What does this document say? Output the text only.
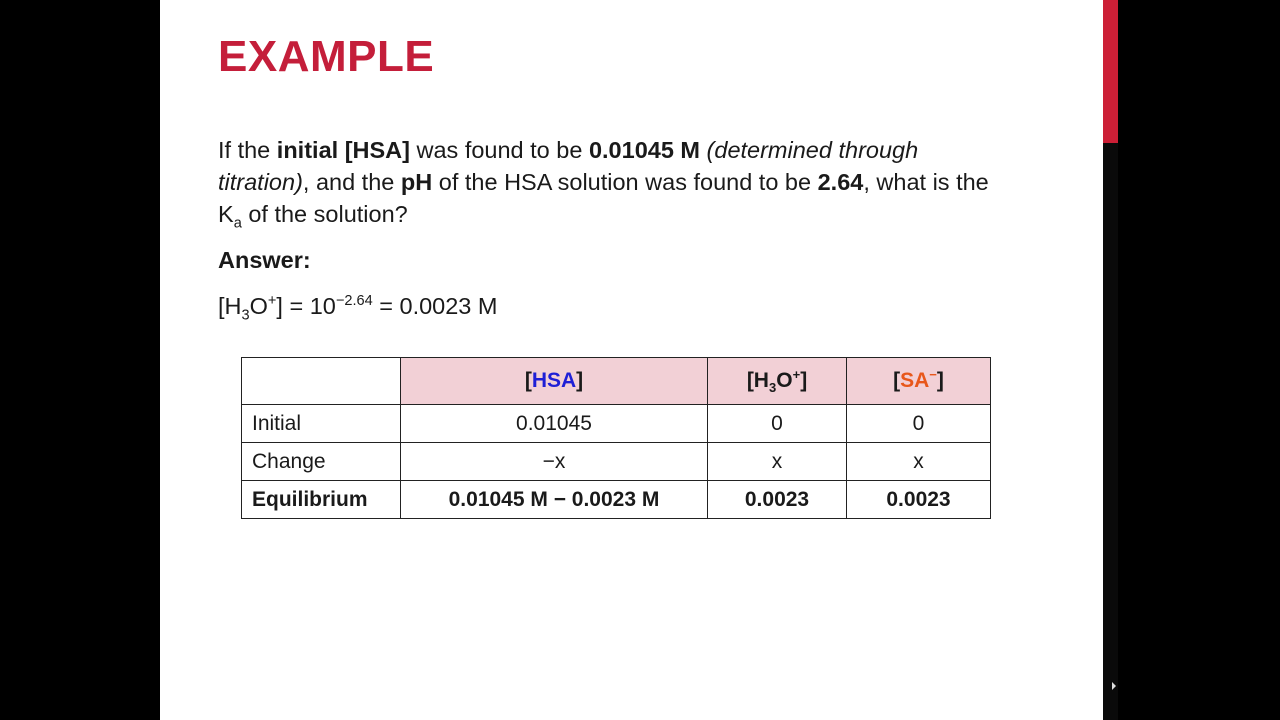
EXAMPLE
If the initial [HSA] was found to be 0.01045 M (determined through titration), and the pH of the HSA solution was found to be 2.64, what is the $K_a$ of the solution?
Answer:
$[H_3O^+] = 10^{-2.64} = 0.0023$ M
	[HSA]	$[H_3O^+]$	[SA−]
Initial	0.01045	0	0
Change	−x	x	x
Equilibrium	0.01045 M − 0.0023 M	0.0023	0.0023
